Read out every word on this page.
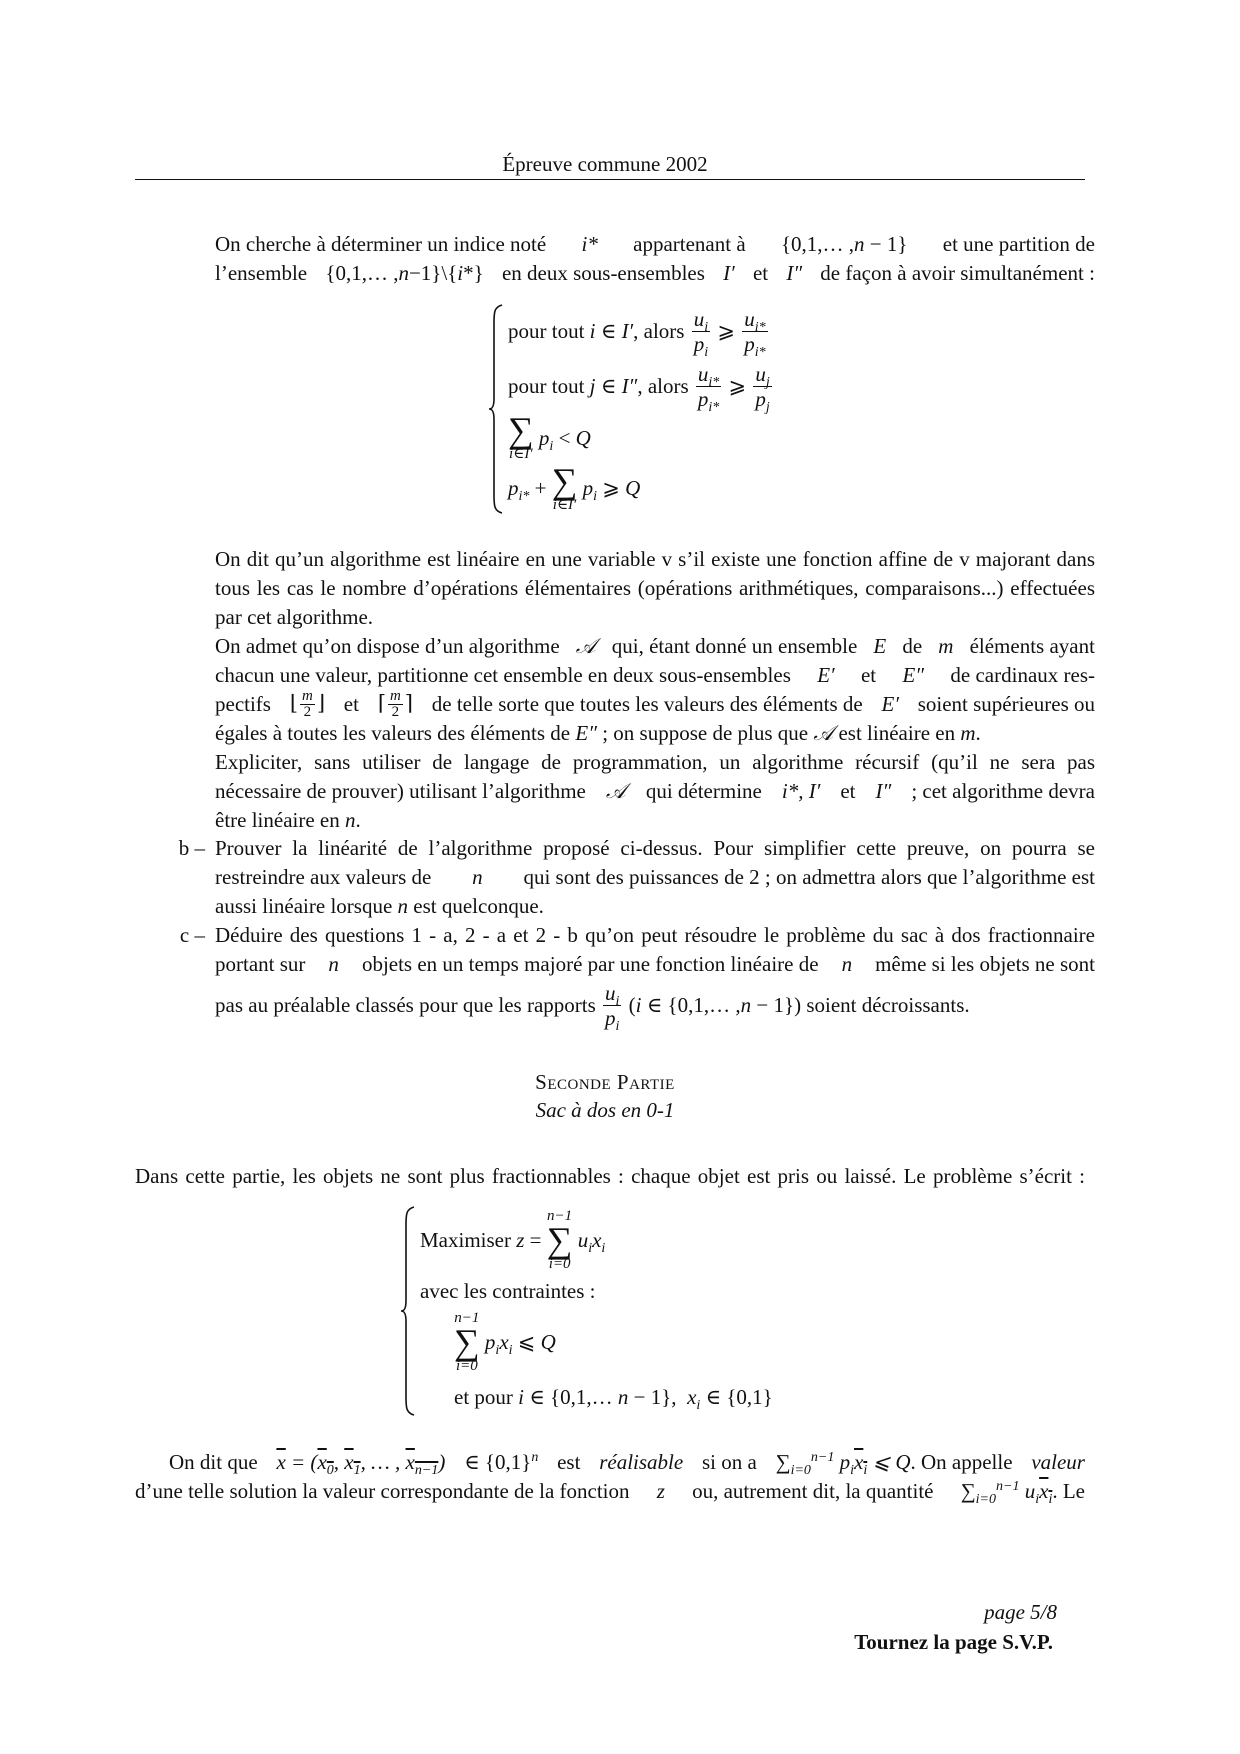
Épreuve commune 2002
On cherche à déterminer un indice noté i* appartenant à {0,1,… ,n − 1} et une partition de
l’ensemble {0,1,… ,n−1}\{i*} en deux sous-ensembles I′ et I″ de façon à avoir simultanément :
pour tout
i ∈ I′ , alors
$\frac{u_i}{p_i}$ ⩾ $\frac{u_{i*}}{p_{i*}}$
pour tout
j ∈ I″ , alors
$\frac{u_{i*}}{p_{i*}}$ ⩾ $\frac{u_j}{p_j}$
∑
i∈I′
$p_i < Q$
$p_{i*}$ + ∑
i∈I′
$p_i$ ⩾ Q

On dit qu’un algorithme est linéaire en une variable v s’il existe une fonction affine de v majorant dans tous les cas le nombre d’opérations élémentaires (opérations arithmétiques, comparaisons...) effectuées par cet algorithme.

On admet qu’on dispose d’un algorithme 𝒜 qui, étant donné un ensemble E de m éléments ayant
chacun une valeur, partitionne cet ensemble en deux sous-ensembles E′ et E″ de cardinaux res-
pectifs ⌊ $\frac{m}{2}$ ⌋ et ⌈ $\frac{m}{2}$ ⌉ de telle sorte que toutes les valeurs des éléments de E′ soient supérieures ou
égales à toutes les valeurs des éléments de E″ ; on suppose de plus que 𝒜 est linéaire en m.
Expliciter, sans utiliser de langage de programmation, un algorithme récursif (qu’il ne sera pas
nécessaire de prouver) utilisant l’algorithme 𝒜 qui détermine i*, I′ et I″ ; cet algorithme devra
être linéaire en n.
b – Prouver la linéarité de l’algorithme proposé ci-dessus. Pour simplifier cette preuve, on pourra se
restreindre aux valeurs de n qui sont des puissances de 2 ; on admettra alors que l’algorithme est
aussi linéaire lorsque n est quelconque.
c – Déduire des questions 1 - a, 2 - a et 2 - b qu’on peut résoudre le problème du sac à dos fractionnaire
portant sur n objets en un temps majoré par une fonction linéaire de n même si les objets ne sont
pas au préalable classés pour que les rapports
$\frac{u_i}{p_i}$ ( i ∈ {0,1,… , n − 1}) soient décroissants.
Seconde Partie
Sac à dos en 0-1
Dans cette partie, les objets ne sont plus fractionnables : chaque objet est pris ou laissé. Le problème s’écrit :
Maximiser
z =
n−1
∑
i=0
$u_ix_i$
avec les contraintes :
n−1
∑
i=0
$p_ix_i$ ⩽ Q
et pour
i ∈ {0,1,… n − 1}, $x_i$ ∈ {0,1}
On dit que $\overline{x} = (x_0$, $x_1$, … , $x_{n-1}$) ∈ $\{0,1\}^n$ est réalisable si on a $\sum_{i=0}^{n-1}$ $p_ix_i$ ⩽ Q. On appelle valeur
d’une telle solution la valeur correspondante de la fonction z ou, autrement dit, la quantité $\sum_{i=0}^{n-1}$ $u_ix_i$. Le
page 5/8
Tournez la page S.V.P.
